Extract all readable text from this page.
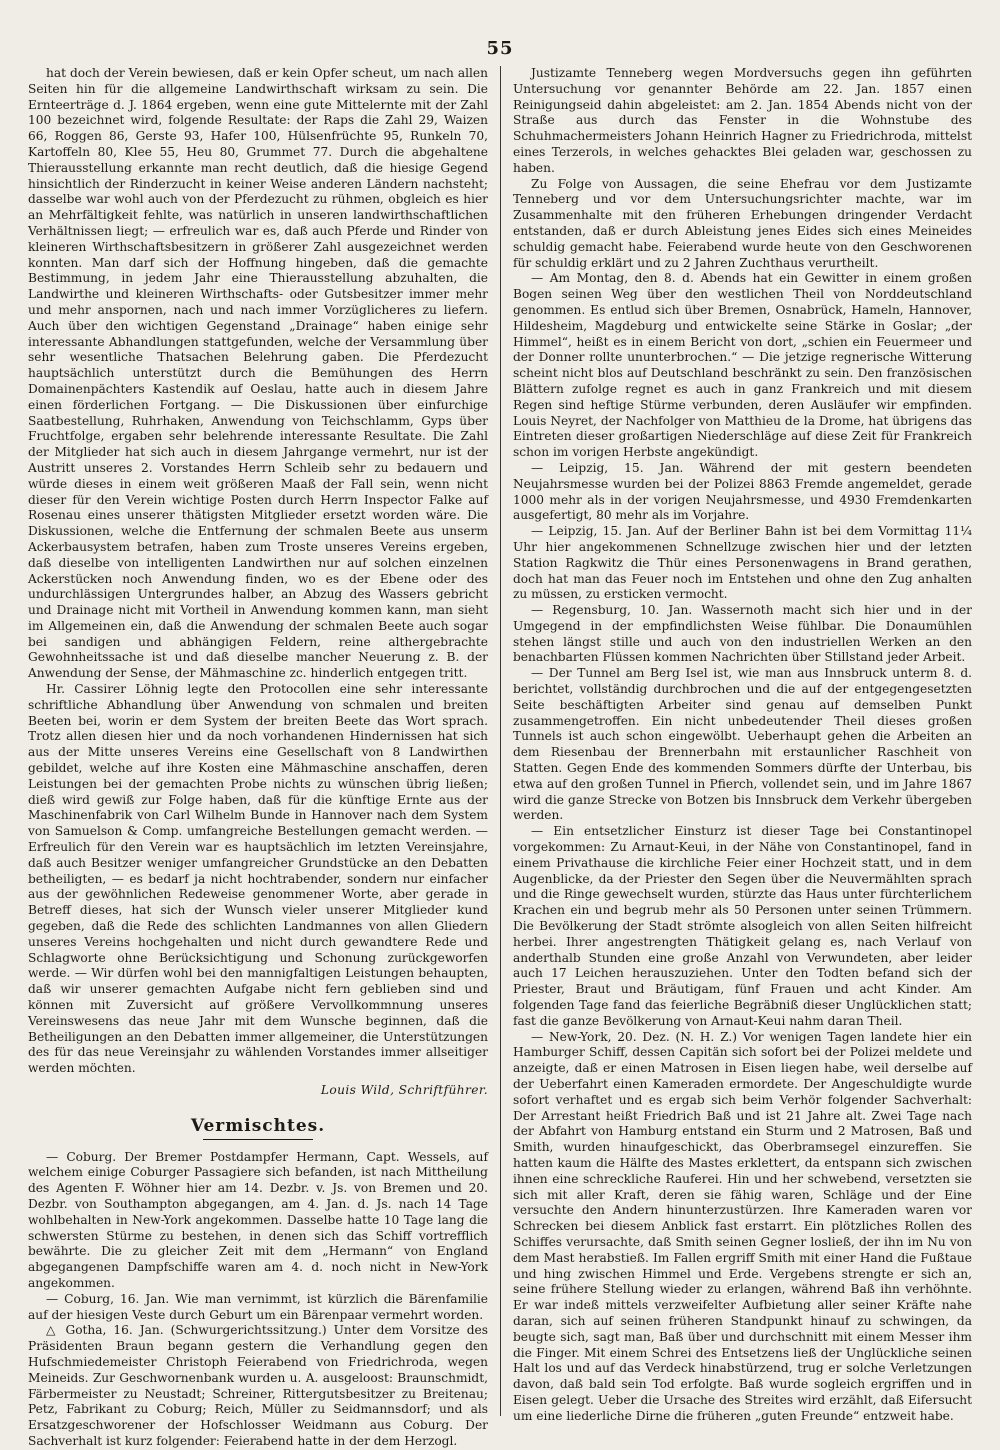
55

hat doch der Verein bewiesen, daß er kein Opfer scheut, um nach allen Seiten hin für die allgemeine Landwirthschaft wirksam zu sein. Die Ernteerträge d. J. 1864 ergeben, wenn eine gute Mittelernte mit der Zahl 100 bezeichnet wird, folgende Resultate: der Raps die Zahl 29, Waizen 66, Roggen 86, Gerste 93, Hafer 100, Hülsenfrüchte 95, Runkeln 70, Kartoffeln 80, Klee 55, Heu 80, Grummet 77. Durch die abgehaltene Thierausstellung erkannte man recht deutlich, daß die hiesige Gegend hinsichtlich der Rinderzucht in keiner Weise anderen Ländern nachsteht; dasselbe war wohl auch von der Pferdezucht zu rühmen, obgleich es hier an Mehrfältigkeit fehlte, was natürlich in unseren landwirthschaftlichen Verhältnissen liegt; — erfreulich war es, daß auch Pferde und Rinder von kleineren Wirthschaftsbesitzern in größerer Zahl ausgezeichnet werden konnten. Man darf sich der Hoffnung hingeben, daß die gemachte Bestimmung, in jedem Jahr eine Thierausstellung abzuhalten, die Landwirthe und kleineren Wirthschafts- oder Gutsbesitzer immer mehr und mehr anspornen, nach und nach immer Vorzüglicheres zu liefern. Auch über den wichtigen Gegenstand „Drainage“ haben einige sehr interessante Abhandlungen stattgefunden, welche der Versammlung über sehr wesentliche Thatsachen Belehrung gaben. Die Pferdezucht hauptsächlich unterstützt durch die Bemühungen des Herrn Domainenpächters Kastendik auf Oeslau, hatte auch in diesem Jahre einen förderlichen Fortgang. — Die Diskussionen über einfurchige Saatbestellung, Ruhrhaken, Anwendung von Teichschlamm, Gyps über Fruchtfolge, ergaben sehr belehrende interessante Resultate. Die Zahl der Mitglieder hat sich auch in diesem Jahrgange vermehrt, nur ist der Austritt unseres 2. Vorstandes Herrn Schleib sehr zu bedauern und würde dieses in einem weit größeren Maaß der Fall sein, wenn nicht dieser für den Verein wichtige Posten durch Herrn Inspector Falke auf Rosenau eines unserer thätigsten Mitglieder ersetzt worden wäre. Die Diskussionen, welche die Entfernung der schmalen Beete aus unserm Ackerbausystem betrafen, haben zum Troste unseres Vereins ergeben, daß dieselbe von intelligenten Landwirthen nur auf solchen einzelnen Ackerstücken noch Anwendung finden, wo es der Ebene oder des undurchlässigen Untergrundes halber, an Abzug des Wassers gebricht und Drainage nicht mit Vortheil in Anwendung kommen kann, man sieht im Allgemeinen ein, daß die Anwendung der schmalen Beete auch sogar bei sandigen und abhängigen Feldern, reine althergebrachte Gewohnheitssache ist und daß dieselbe mancher Neuerung z. B. der Anwendung der Sense, der Mähmaschine zc. hinderlich entgegen tritt.

Hr. Cassirer Löhnig legte den Protocollen eine sehr interessante schriftliche Abhandlung über Anwendung von schmalen und breiten Beeten bei, worin er dem System der breiten Beete das Wort sprach. Trotz allen diesen hier und da noch vorhandenen Hindernissen hat sich aus der Mitte unseres Vereins eine Gesellschaft von 8 Landwirthen gebildet, welche auf ihre Kosten eine Mähmaschine anschaffen, deren Leistungen bei der gemachten Probe nichts zu wünschen übrig ließen; dieß wird gewiß zur Folge haben, daß für die künftige Ernte aus der Maschinenfabrik von Carl Wilhelm Bunde in Hannover nach dem System von Samuelson & Comp. umfangreiche Bestellungen gemacht werden. — Erfreulich für den Verein war es hauptsächlich im letzten Vereinsjahre, daß auch Besitzer weniger umfangreicher Grundstücke an den Debatten betheiligten, — es bedarf ja nicht hochtrabender, sondern nur einfacher aus der gewöhnlichen Redeweise genommener Worte, aber gerade in Betreff dieses, hat sich der Wunsch vieler unserer Mitglieder kund gegeben, daß die Rede des schlichten Landmannes von allen Gliedern unseres Vereins hochgehalten und nicht durch gewandtere Rede und Schlagworte ohne Berücksichtigung und Schonung zurückgeworfen werde. — Wir dürfen wohl bei den mannigfaltigen Leistungen behaupten, daß wir unserer gemachten Aufgabe nicht fern geblieben sind und können mit Zuversicht auf größere Vervollkommnung unseres Vereinswesens das neue Jahr mit dem Wunsche beginnen, daß die Betheiligungen an den Debatten immer allgemeiner, die Unterstützungen des für das neue Vereinsjahr zu wählenden Vorstandes immer allseitiger werden möchten.

Louis Wild, Schriftführer.

Vermischtes.

— Coburg. Der Bremer Postdampfer Hermann, Capt. Wessels, auf welchem einige Coburger Passagiere sich befanden, ist nach Mittheilung des Agenten F. Wöhner hier am 14. Dezbr. v. Js. von Bremen und 20. Dezbr. von Southampton abgegangen, am 4. Jan. d. Js. nach 14 Tage wohlbehalten in New-York angekommen. Dasselbe hatte 10 Tage lang die schwersten Stürme zu bestehen, in denen sich das Schiff vortrefflich bewährte. Die zu gleicher Zeit mit dem „Hermann“ von England abgegangenen Dampfschiffe waren am 4. d. noch nicht in New-York angekommen.

— Coburg, 16. Jan. Wie man vernimmt, ist kürzlich die Bärenfamilie auf der hiesigen Veste durch Geburt um ein Bärenpaar vermehrt worden.

△ Gotha, 16. Jan. (Schwurgerichtssitzung.) Unter dem Vorsitze des Präsidenten Braun begann gestern die Verhandlung gegen den Hufschmiedemeister Christoph Feierabend von Friedrichroda, wegen Meineids. Zur Geschwornenbank wurden u. A. ausgeloost: Braunschmidt, Färbermeister zu Neustadt; Schreiner, Rittergutsbesitzer zu Breitenau; Petz, Fabrikant zu Coburg; Reich, Müller zu Seidmannsdorf; und als Ersatzgeschworener der Hofschlosser Weidmann aus Coburg. Der Sachverhalt ist kurz folgender: Feierabend hatte in der dem Herzogl.

Justizamte Tenneberg wegen Mordversuchs gegen ihn geführten Untersuchung vor genannter Behörde am 22. Jan. 1857 einen Reinigungseid dahin abgeleistet: am 2. Jan. 1854 Abends nicht von der Straße aus durch das Fenster in die Wohnstube des Schuhmachermeisters Johann Heinrich Hagner zu Friedrichroda, mittelst eines Terzerols, in welches gehacktes Blei geladen war, geschossen zu haben.

Zu Folge von Aussagen, die seine Ehefrau vor dem Justizamte Tenneberg und vor dem Untersuchungsrichter machte, war im Zusammenhalte mit den früheren Erhebungen dringender Verdacht entstanden, daß er durch Ableistung jenes Eides sich eines Meineides schuldig gemacht habe. Feierabend wurde heute von den Geschworenen für schuldig erklärt und zu 2 Jahren Zuchthaus verurtheilt.

— Am Montag, den 8. d. Abends hat ein Gewitter in einem großen Bogen seinen Weg über den westlichen Theil von Norddeutschland genommen. Es entlud sich über Bremen, Osnabrück, Hameln, Hannover, Hildesheim, Magdeburg und entwickelte seine Stärke in Goslar; „der Himmel“, heißt es in einem Bericht von dort, „schien ein Feuermeer und der Donner rollte ununterbrochen.“ — Die jetzige regnerische Witterung scheint nicht blos auf Deutschland beschränkt zu sein. Den französischen Blättern zufolge regnet es auch in ganz Frankreich und mit diesem Regen sind heftige Stürme verbunden, deren Ausläufer wir empfinden. Louis Neyret, der Nachfolger von Matthieu de la Drome, hat übrigens das Eintreten dieser großartigen Niederschläge auf diese Zeit für Frankreich schon im vorigen Herbste angekündigt.

— Leipzig, 15. Jan. Während der mit gestern beendeten Neujahrsmesse wurden bei der Polizei 8863 Fremde angemeldet, gerade 1000 mehr als in der vorigen Neujahrsmesse, und 4930 Fremdenkarten ausgefertigt, 80 mehr als im Vorjahre.

— Leipzig, 15. Jan. Auf der Berliner Bahn ist bei dem Vormittag 11¼ Uhr hier angekommenen Schnellzuge zwischen hier und der letzten Station Ragkwitz die Thür eines Personenwagens in Brand gerathen, doch hat man das Feuer noch im Entstehen und ohne den Zug anhalten zu müssen, zu ersticken vermocht.

— Regensburg, 10. Jan. Wassernoth macht sich hier und in der Umgegend in der empfindlichsten Weise fühlbar. Die Donaumühlen stehen längst stille und auch von den industriellen Werken an den benachbarten Flüssen kommen Nachrichten über Stillstand jeder Arbeit.

— Der Tunnel am Berg Isel ist, wie man aus Innsbruck unterm 8. d. berichtet, vollständig durchbrochen und die auf der entgegengesetzten Seite beschäftigten Arbeiter sind genau auf demselben Punkt zusammengetroffen. Ein nicht unbedeutender Theil dieses großen Tunnels ist auch schon eingewölbt. Ueberhaupt gehen die Arbeiten an dem Riesenbau der Brennerbahn mit erstaunlicher Raschheit von Statten. Gegen Ende des kommenden Sommers dürfte der Unterbau, bis etwa auf den großen Tunnel in Pfierch, vollendet sein, und im Jahre 1867 wird die ganze Strecke von Botzen bis Innsbruck dem Verkehr übergeben werden.

— Ein entsetzlicher Einsturz ist dieser Tage bei Constantinopel vorgekommen: Zu Arnaut-Keui, in der Nähe von Constantinopel, fand in einem Privathause die kirchliche Feier einer Hochzeit statt, und in dem Augenblicke, da der Priester den Segen über die Neuvermählten sprach und die Ringe gewechselt wurden, stürzte das Haus unter fürchterlichem Krachen ein und begrub mehr als 50 Personen unter seinen Trümmern. Die Bevölkerung der Stadt strömte alsogleich von allen Seiten hilfreicht herbei. Ihrer angestrengten Thätigkeit gelang es, nach Verlauf von anderthalb Stunden eine große Anzahl von Verwundeten, aber leider auch 17 Leichen herauszuziehen. Unter den Todten befand sich der Priester, Braut und Bräutigam, fünf Frauen und acht Kinder. Am folgenden Tage fand das feierliche Begräbniß dieser Unglücklichen statt; fast die ganze Bevölkerung von Arnaut-Keui nahm daran Theil.

— New-York, 20. Dez. (N. H. Z.) Vor wenigen Tagen landete hier ein Hamburger Schiff, dessen Capitän sich sofort bei der Polizei meldete und anzeigte, daß er einen Matrosen in Eisen liegen habe, weil derselbe auf der Ueberfahrt einen Kameraden ermordete. Der Angeschuldigte wurde sofort verhaftet und es ergab sich beim Verhör folgender Sachverhalt: Der Arrestant heißt Friedrich Baß und ist 21 Jahre alt. Zwei Tage nach der Abfahrt von Hamburg entstand ein Sturm und 2 Matrosen, Baß und Smith, wurden hinaufgeschickt, das Oberbramsegel einzureffen. Sie hatten kaum die Hälfte des Mastes erklettert, da entspann sich zwischen ihnen eine schreckliche Rauferei. Hin und her schwebend, versetzten sie sich mit aller Kraft, deren sie fähig waren, Schläge und der Eine versuchte den Andern hinunterzustürzen. Ihre Kameraden waren vor Schrecken bei diesem Anblick fast erstarrt. Ein plötzliches Rollen des Schiffes verursachte, daß Smith seinen Gegner losließ, der ihn im Nu von dem Mast herabstieß. Im Fallen ergriff Smith mit einer Hand die Fußtaue und hing zwischen Himmel und Erde. Vergebens strengte er sich an, seine frühere Stellung wieder zu erlangen, während Baß ihn verhöhnte. Er war indeß mittels verzweifelter Aufbietung aller seiner Kräfte nahe daran, sich auf seinen früheren Standpunkt hinauf zu schwingen, da beugte sich, sagt man, Baß über und durchschnitt mit einem Messer ihm die Finger. Mit einem Schrei des Entsetzens ließ der Unglückliche seinen Halt los und auf das Verdeck hinabstürzend, trug er solche Verletzungen davon, daß bald sein Tod erfolgte. Baß wurde sogleich ergriffen und in Eisen gelegt. Ueber die Ursache des Streites wird erzählt, daß Eifersucht um eine liederliche Dirne die früheren „guten Freunde“ entzweit habe.
